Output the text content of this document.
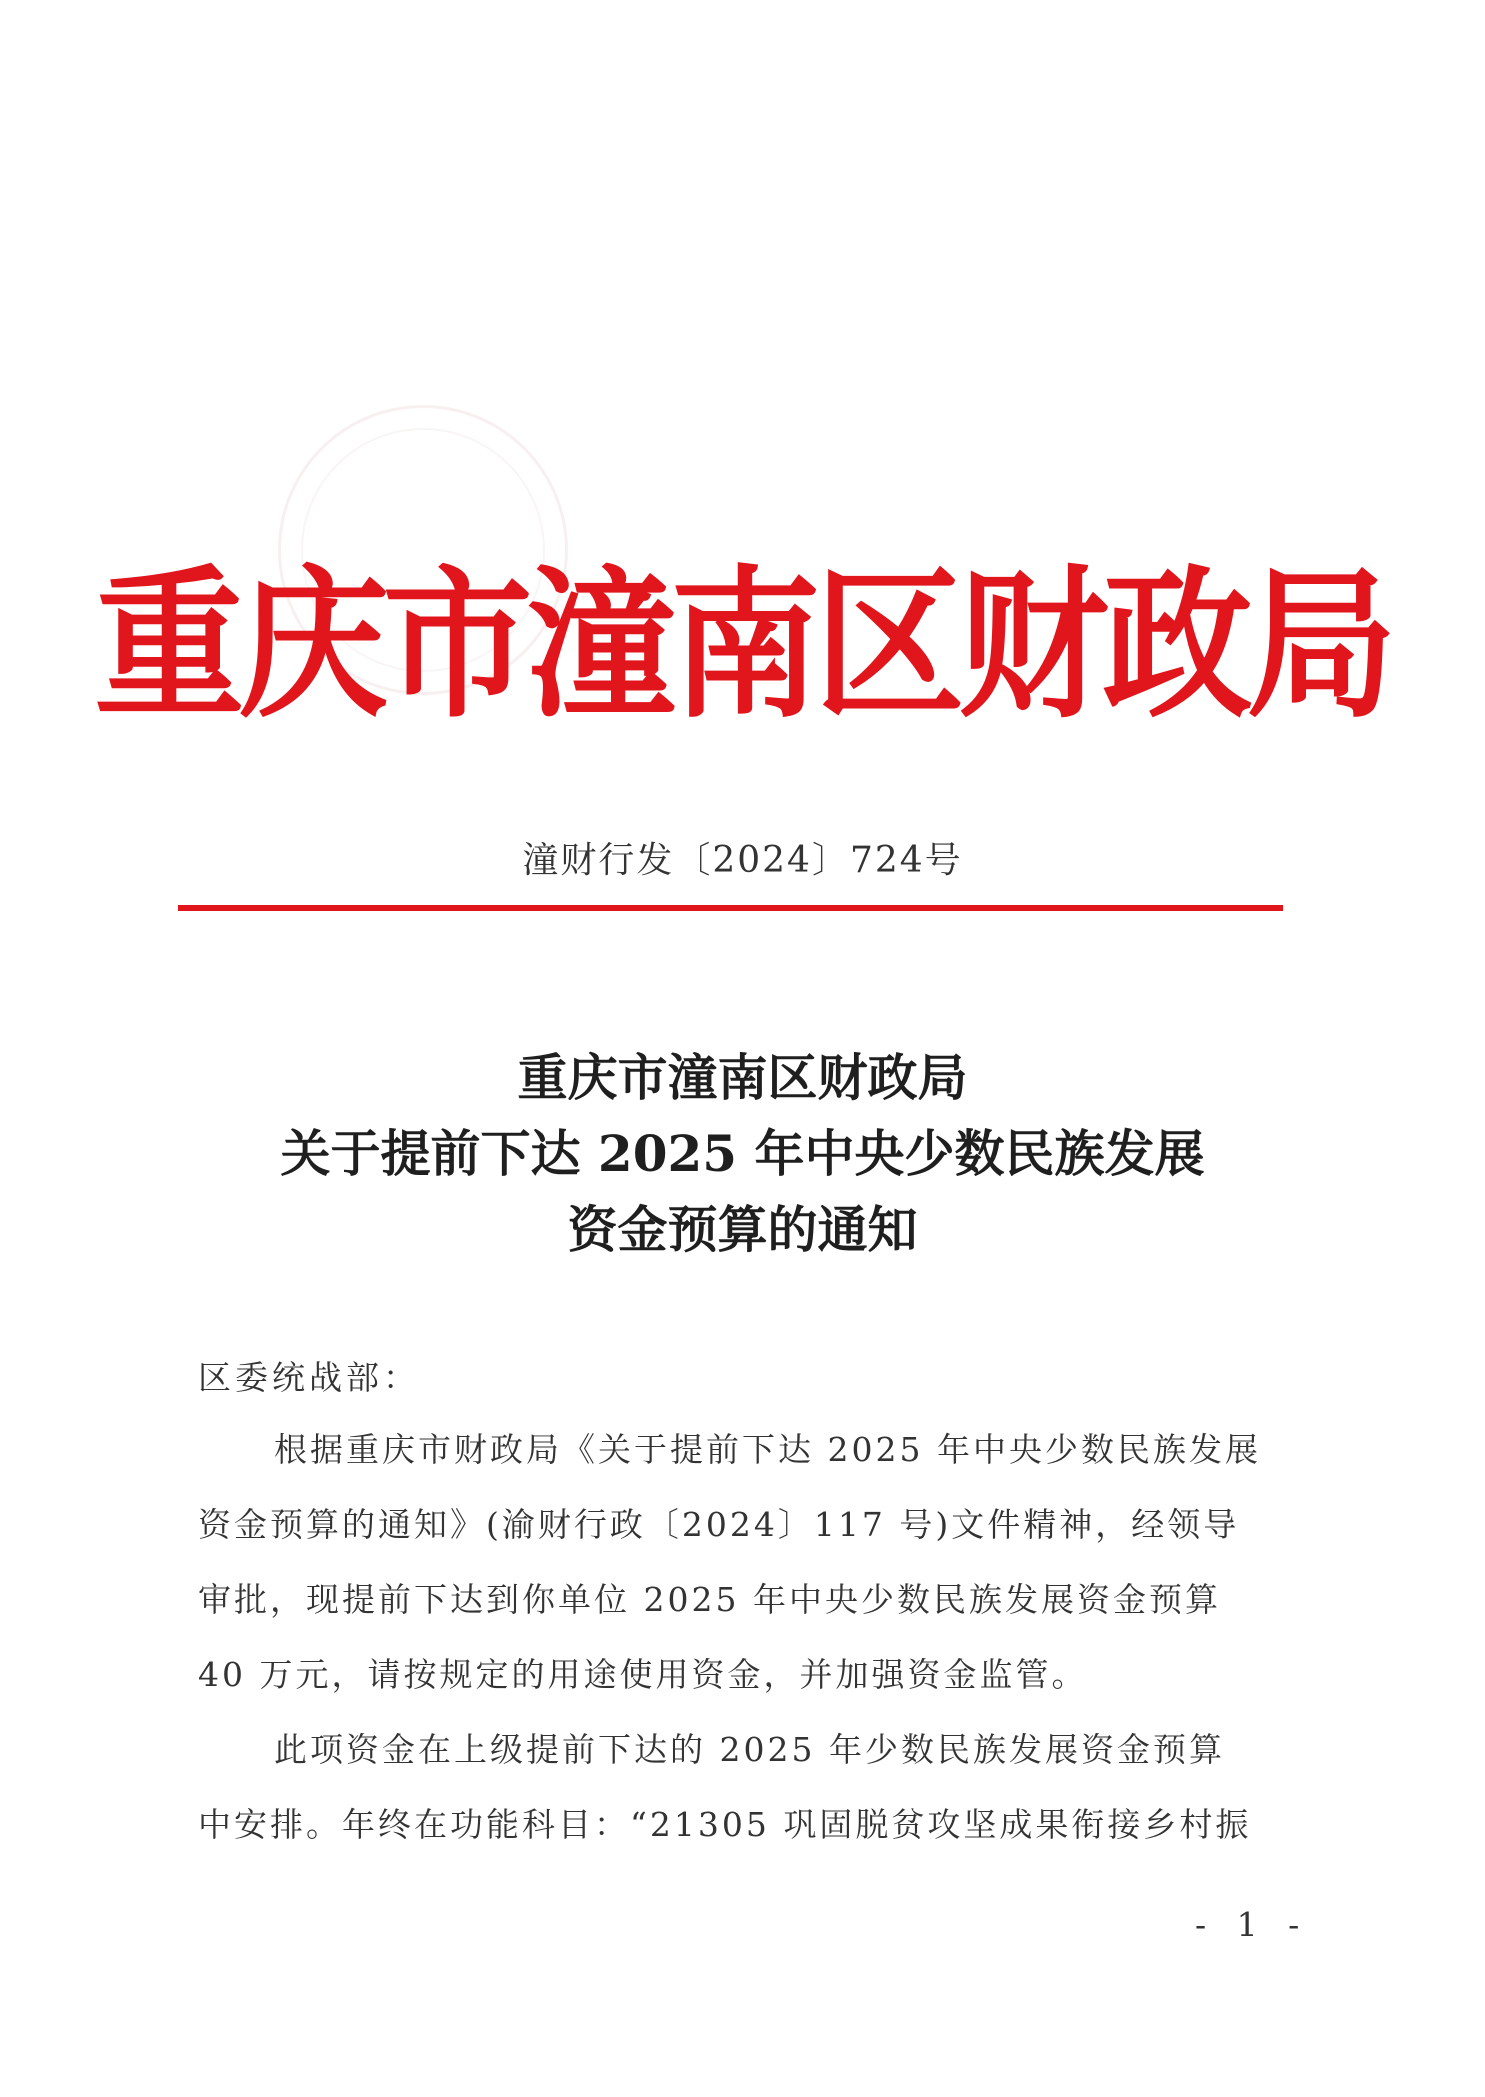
重庆市潼南区财政局
潼财行发〔2024〕724号
重庆市潼南区财政局
关于提前下达 2025 年中央少数民族发展
资金预算的通知
区委统战部：
根据重庆市财政局《关于提前下达 2025 年中央少数民族发展
资金预算的通知》(渝财行政〔2024〕117 号)文件精神，经领导
审批，现提前下达到你单位 2025 年中央少数民族发展资金预算
40 万元，请按规定的用途使用资金，并加强资金监管。
此项资金在上级提前下达的 2025 年少数民族发展资金预算
中安排。年终在功能科目：“21305 巩固脱贫攻坚成果衔接乡村振
- 1 -
